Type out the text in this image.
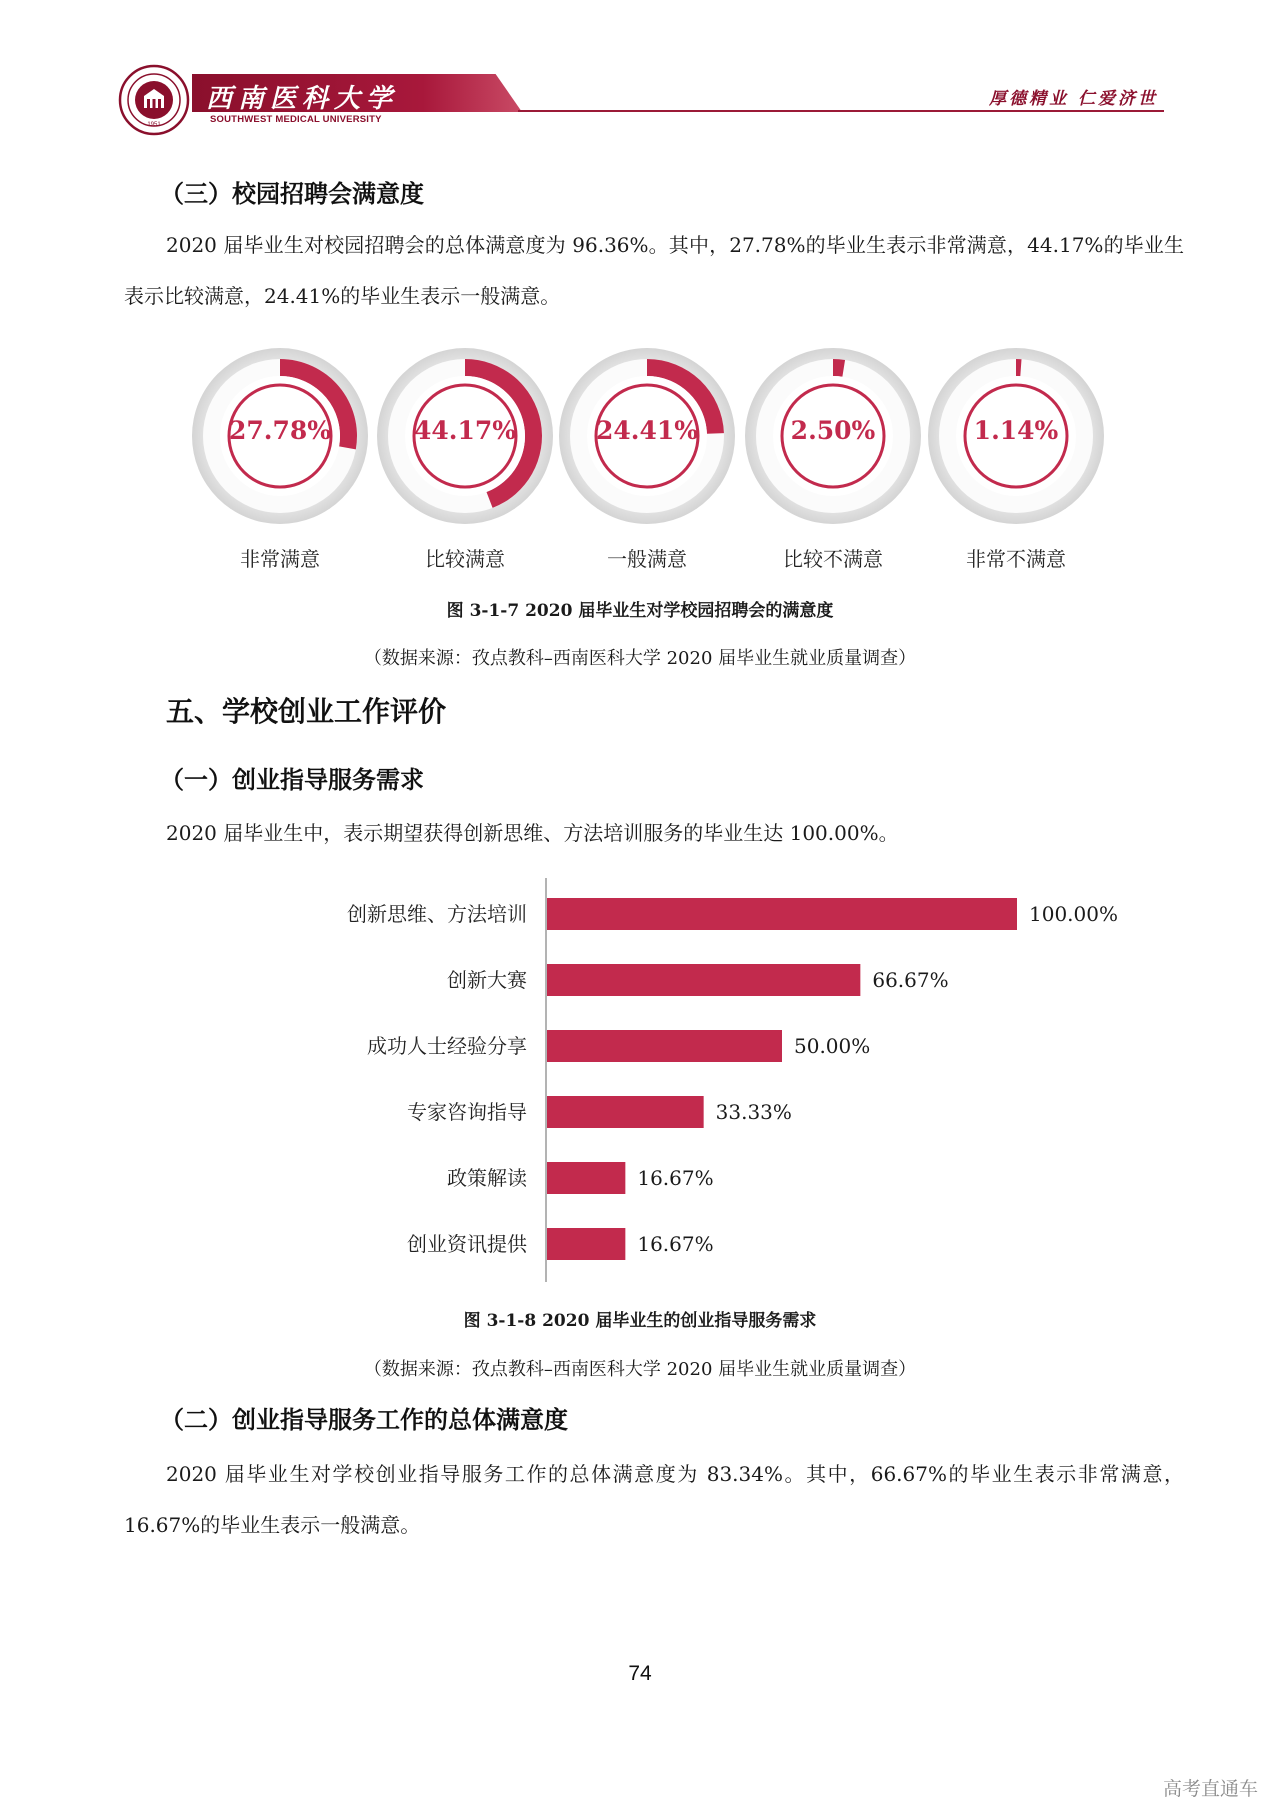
1951
西南医科大学
SOUTHWEST MEDICAL UNIVERSITY
厚德精业 仁爱济世
（三）校园招聘会满意度
2020 届毕业生对校园招聘会的总体满意度为 96.36%。其中，27.78%的毕业生表示非常满意，44.17%的毕业生表示比较满意，24.41%的毕业生表示一般满意。
27.78%
非常满意
44.17%
比较满意
24.41%
一般满意
2.50%
比较不满意
1.14%
非常不满意
图 3-1-7 2020 届毕业生对学校园招聘会的满意度
（数据来源：孜点教科–西南医科大学 2020 届毕业生就业质量调查）
五、学校创业工作评价
（一）创业指导服务需求
2020 届毕业生中，表示期望获得创新思维、方法培训服务的毕业生达 100.00%。
创新思维、方法培训	100.00%
创新大赛	66.67%
成功人士经验分享	50.00%
专家咨询指导	33.33%
政策解读	16.67%
创业资讯提供	16.67%
图 3-1-8 2020 届毕业生的创业指导服务需求
（数据来源：孜点教科–西南医科大学 2020 届毕业生就业质量调查）
（二）创业指导服务工作的总体满意度
2020 届毕业生对学校创业指导服务工作的总体满意度为 83.34%。其中，66.67%的毕业生表示非常满意，16.67%的毕业生表示一般满意。
74
高考直通车
